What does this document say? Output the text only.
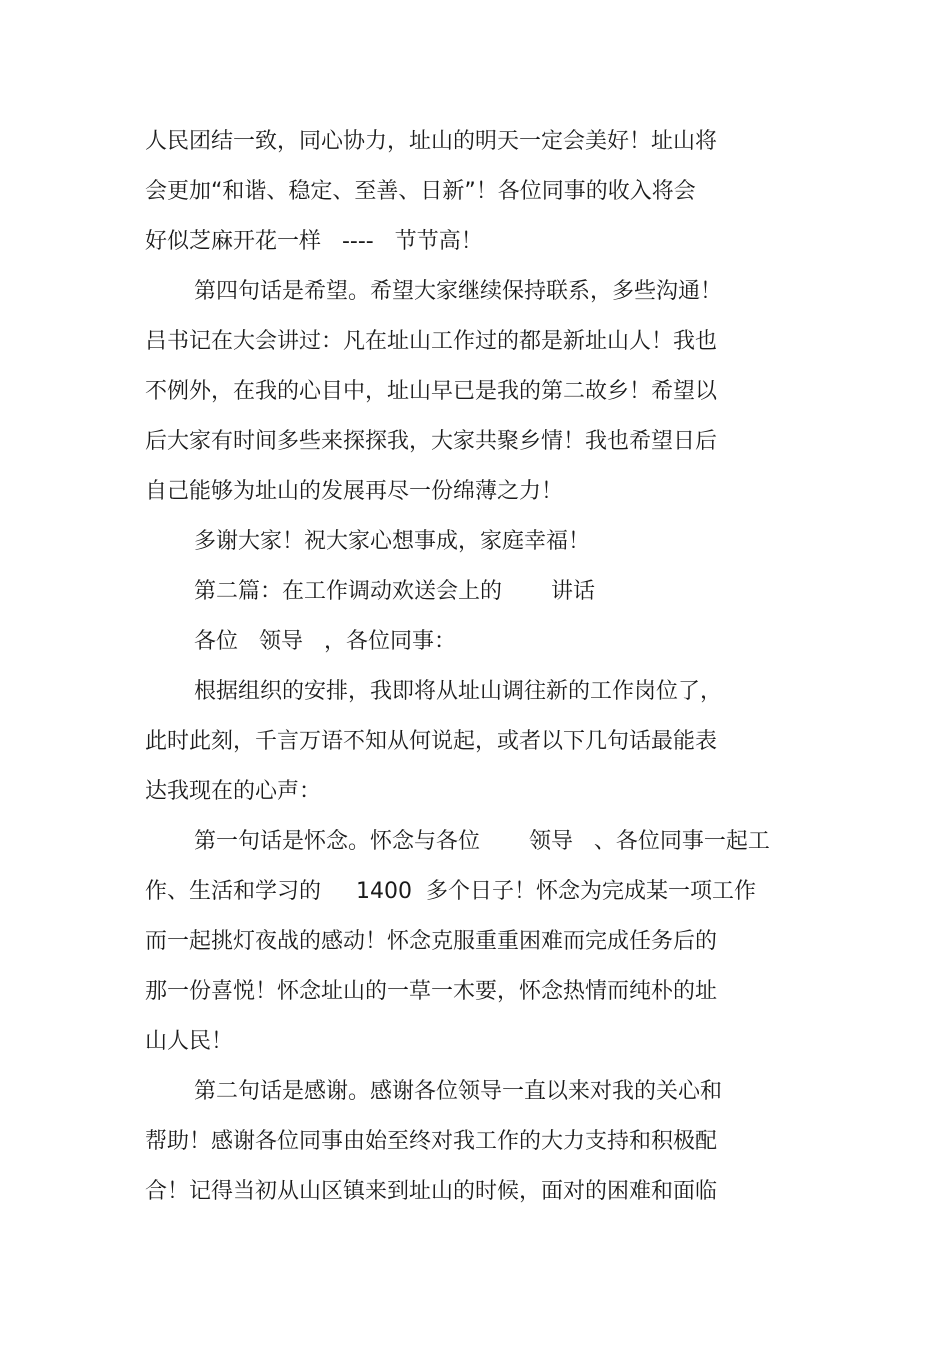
人民团结一致，同心协力，址山的明天一定会美好！址山将
会更加“和谐、稳定、至善、日新”！各位同事的收入将会
好似芝麻开花一样   ----   节节高！
第四句话是希望。希望大家继续保持联系，多些沟通！
吕书记在大会讲过：凡在址山工作过的都是新址山人！我也
不例外，在我的心目中，址山早已是我的第二故乡！希望以
后大家有时间多些来探探我，大家共聚乡情！我也希望日后
自己能够为址山的发展再尽一份绵薄之力！
多谢大家！祝大家心想事成，家庭幸福！
第二篇：在工作调动欢送会上的       讲话
各位   领导   ，各位同事：
根据组织的安排，我即将从址山调往新的工作岗位了，
此时此刻，千言万语不知从何说起，或者以下几句话最能表
达我现在的心声：
第一句话是怀念。怀念与各位       领导   、各位同事一起工
作、生活和学习的     1400  多个日子！怀念为完成某一项工作
而一起挑灯夜战的感动！怀念克服重重困难而完成任务后的
那一份喜悦！怀念址山的一草一木要，怀念热情而纯朴的址
山人民！
第二句话是感谢。感谢各位领导一直以来对我的关心和
帮助！感谢各位同事由始至终对我工作的大力支持和积极配
合！记得当初从山区镇来到址山的时候，面对的困难和面临
